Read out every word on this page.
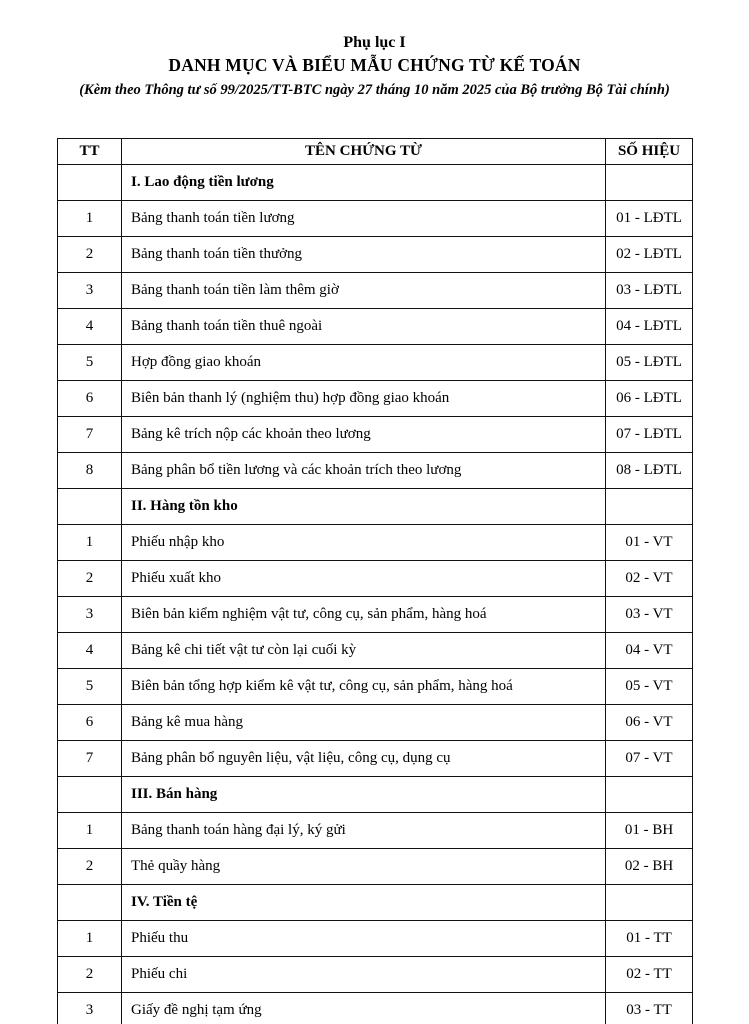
Phụ lục I
DANH MỤC VÀ BIỂU MẪU CHỨNG TỪ KẾ TOÁN
(Kèm theo Thông tư số 99/2025/TT-BTC ngày 27 tháng 10 năm 2025 của Bộ trưởng Bộ Tài chính)
TT	TÊN CHỨNG TỪ	SỐ HIỆU
	I. Lao động tiền lương	
1	Bảng thanh toán tiền lương	01 - LĐTL
2	Bảng thanh toán tiền thưởng	02 - LĐTL
3	Bảng thanh toán tiền làm thêm giờ	03 - LĐTL
4	Bảng thanh toán tiền thuê ngoài	04 - LĐTL
5	Hợp đồng giao khoán	05 - LĐTL
6	Biên bản thanh lý (nghiệm thu) hợp đồng giao khoán	06 - LĐTL
7	Bảng kê trích nộp các khoản theo lương	07 - LĐTL
8	Bảng phân bổ tiền lương và các khoản trích theo lương	08 - LĐTL
	II. Hàng tồn kho	
1	Phiếu nhập kho	01 - VT
2	Phiếu xuất kho	02 - VT
3	Biên bản kiểm nghiệm vật tư, công cụ, sản phẩm, hàng hoá	03 - VT
4	Bảng kê chi tiết vật tư còn lại cuối kỳ	04 - VT
5	Biên bản tổng hợp kiểm kê vật tư, công cụ, sản phẩm, hàng hoá	05 - VT
6	Bảng kê mua hàng	06 - VT
7	Bảng phân bổ nguyên liệu, vật liệu, công cụ, dụng cụ	07 - VT
	III. Bán hàng	
1	Bảng thanh toán hàng đại lý, ký gửi	01 - BH
2	Thẻ quầy hàng	02 - BH
	IV. Tiền tệ	
1	Phiếu thu	01 - TT
2	Phiếu chi	02 - TT
3	Giấy đề nghị tạm ứng	03 - TT
